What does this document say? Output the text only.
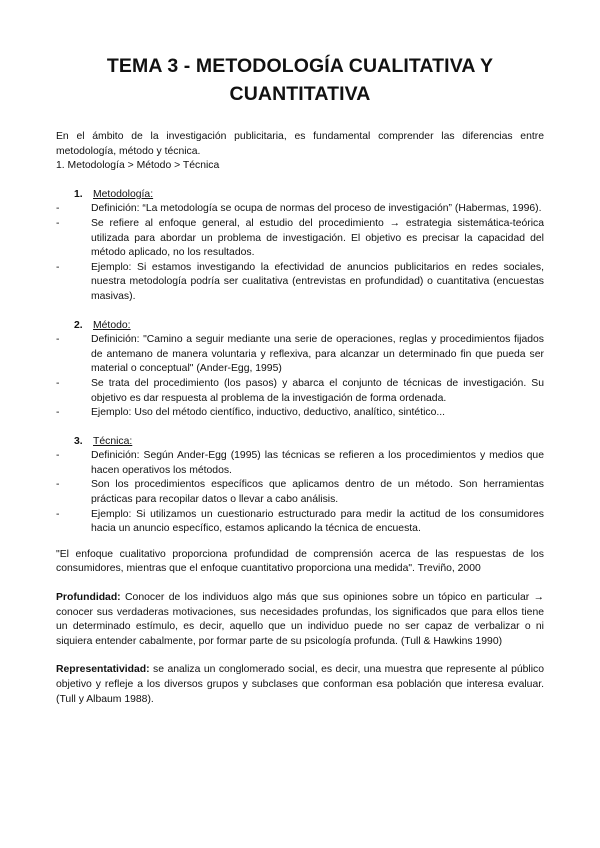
TEMA 3 - METODOLOGÍA CUALITATIVA Y CUANTITATIVA
En el ámbito de la investigación publicitaria, es fundamental comprender las diferencias entre metodología, método y técnica.
1. Metodología > Método > Técnica
1. Metodología:
-	Definición: “La metodología se ocupa de normas del proceso de investigación” (Habermas, 1996).
-	Se refiere al enfoque general, al estudio del procedimiento → estrategia sistemática-teórica utilizada para abordar un problema de investigación. El objetivo es precisar la capacidad del método aplicado, no los resultados.
-	Ejemplo: Si estamos investigando la efectividad de anuncios publicitarios en redes sociales, nuestra metodología podría ser cualitativa (entrevistas en profundidad) o cuantitativa (encuestas masivas).
2. Método:
-	Definición: "Camino a seguir mediante una serie de operaciones, reglas y procedimientos fijados de antemano de manera voluntaria y reflexiva, para alcanzar un determinado fin que pueda ser material o conceptual" (Ander-Egg, 1995)
-	Se trata del procedimiento (los pasos) y abarca el conjunto de técnicas de investigación. Su objetivo es dar respuesta al problema de la investigación de forma ordenada.
-	Ejemplo: Uso del método científico, inductivo, deductivo, analítico, sintético...
3. Técnica:
-	Definición: Según Ander-Egg (1995) las técnicas se refieren a los procedimientos y medios que hacen operativos los métodos.
-	Son los procedimientos específicos que aplicamos dentro de un método. Son herramientas prácticas para recopilar datos o llevar a cabo análisis.
-	Ejemplo: Si utilizamos un cuestionario estructurado para medir la actitud de los consumidores hacia un anuncio específico, estamos aplicando la técnica de encuesta.
"El enfoque cualitativo proporciona profundidad de comprensión acerca de las respuestas de los consumidores, mientras que el enfoque cuantitativo proporciona una medida". Treviño, 2000
Profundidad: Conocer de los individuos algo más que sus opiniones sobre un tópico en particular → conocer sus verdaderas motivaciones, sus necesidades profundas, los significados que para ellos tiene un determinado estímulo, es decir, aquello que un individuo puede no ser capaz de verbalizar o ni siquiera entender cabalmente, por formar parte de su psicología profunda. (Tull & Hawkins 1990)
Representatividad: se analiza un conglomerado social, es decir, una muestra que represente al público objetivo y refleje a los diversos grupos y subclases que conforman esa población que interesa evaluar. (Tull y Albaum 1988).
